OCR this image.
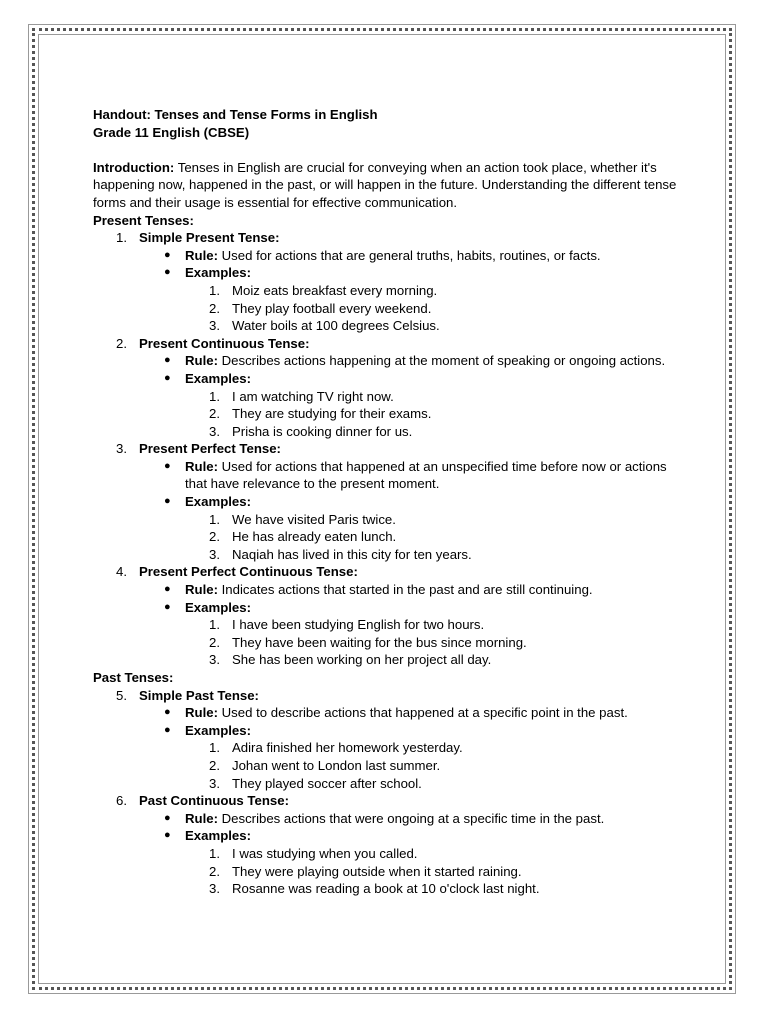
Handout: Tenses and Tense Forms in English
Grade 11 English (CBSE)
Introduction: Tenses in English are crucial for conveying when an action took place, whether it's happening now, happened in the past, or will happen in the future. Understanding the different tense forms and their usage is essential for effective communication.
Present Tenses:
1. Simple Present Tense:
● Rule: Used for actions that are general truths, habits, routines, or facts.
● Examples:
1. Moiz eats breakfast every morning.
2. They play football every weekend.
3. Water boils at 100 degrees Celsius.
2. Present Continuous Tense:
● Rule: Describes actions happening at the moment of speaking or ongoing actions.
● Examples:
1. I am watching TV right now.
2. They are studying for their exams.
3. Prisha is cooking dinner for us.
3. Present Perfect Tense:
● Rule: Used for actions that happened at an unspecified time before now or actions that have relevance to the present moment.
● Examples:
1. We have visited Paris twice.
2. He has already eaten lunch.
3. Naqiah has lived in this city for ten years.
4. Present Perfect Continuous Tense:
● Rule: Indicates actions that started in the past and are still continuing.
● Examples:
1. I have been studying English for two hours.
2. They have been waiting for the bus since morning.
3. She has been working on her project all day.
Past Tenses:
5. Simple Past Tense:
● Rule: Used to describe actions that happened at a specific point in the past.
● Examples:
1. Adira finished her homework yesterday.
2. Johan went to London last summer.
3. They played soccer after school.
6. Past Continuous Tense:
● Rule: Describes actions that were ongoing at a specific time in the past.
● Examples:
1. I was studying when you called.
2. They were playing outside when it started raining.
3. Rosanne was reading a book at 10 o'clock last night.
